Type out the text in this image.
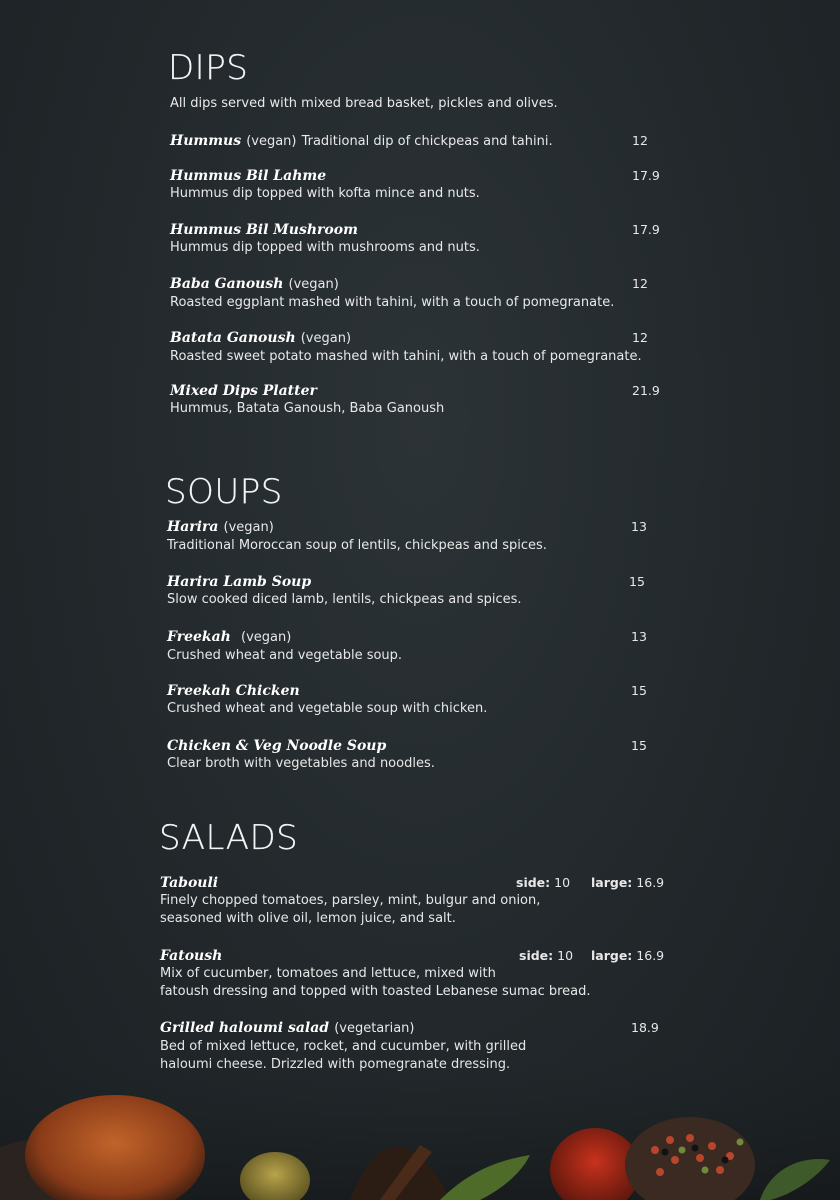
DIPS
All dips served with mixed bread basket, pickles and olives.
Hummus (vegan) Traditional dip of chickpeas and tahini.	12
Hummus Bil Lahme
Hummus dip topped with kofta mince and nuts.
17.9
Hummus Bil Mushroom
Hummus dip topped with mushrooms and nuts.
17.9
Baba Ganoush (vegan)
Roasted eggplant mashed with tahini, with a touch of pomegranate.
12
Batata Ganoush (vegan)
Roasted sweet potato mashed with tahini, with a touch of pomegranate.
12
Mixed Dips Platter
Hummus, Batata Ganoush, Baba Ganoush
21.9
SOUPS
Harira (vegan)
Traditional Moroccan soup of lentils, chickpeas and spices.
13
Harira Lamb Soup
Slow cooked diced lamb, lentils, chickpeas and spices.
15
Freekah (vegan)
Crushed wheat and vegetable soup.
13
Freekah Chicken
Crushed wheat and vegetable soup with chicken.
15
Chicken & Veg Noodle Soup
Clear broth with vegetables and noodles.
15
SALADS
Tabouli
Finely chopped tomatoes, parsley, mint, bulgur and onion,
seasoned with olive oil, lemon juice, and salt.
side: 10 large: 16.9
Fatoush
Mix of cucumber, tomatoes and lettuce, mixed with
fatoush dressing and topped with toasted Lebanese sumac bread.
side: 10 large: 16.9
Grilled haloumi salad (vegetarian)
Bed of mixed lettuce, rocket, and cucumber, with grilled
18.9
